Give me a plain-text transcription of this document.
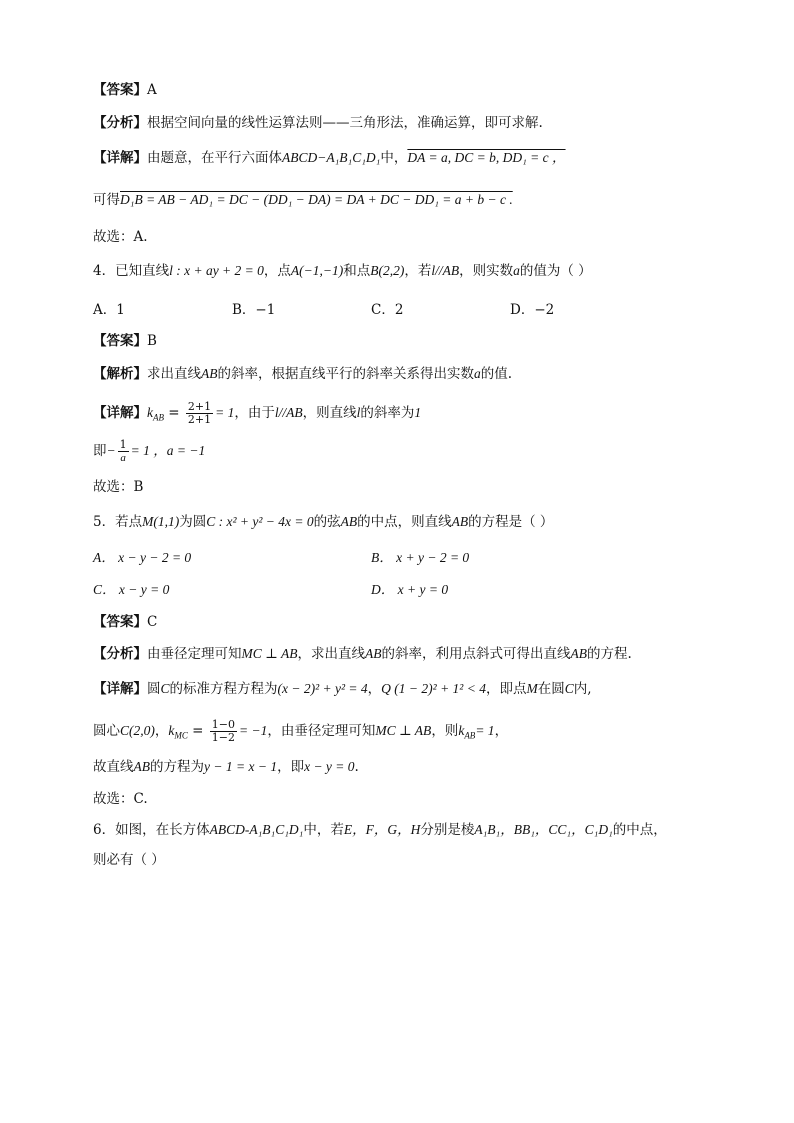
【答案】A
【分析】根据空间向量的线性运算法则——三角形法，准确运算，即可求解.
【详解】由题意，在平行六面体ABCD−A₁B₁C₁D₁中，DA = a, DC = b, DD₁ = c ，
可得D₁B = AB − AD₁ = DC − (DD₁ − DA) = DA + DC − DD₁ = a + b − c .
故选：A.
4．已知直线l : x + ay + 2 = 0，点A(−1,−1)和点B(2,2)，若l//AB，则实数a的值为（ ）
A．1	B．−1	C．2	D．−2
【答案】B
【解析】求出直线AB的斜率，根据直线平行的斜率关系得出实数a的值.
【详解】$k_{AB} = \frac{2+1}{2+1} = 1$，由于l//AB，则直线l的斜率为1
即− $\frac{1}{a} = 1$ ，a = −1
故选：B
5．若点M(1,1)为圆C : x² + y² − 4x = 0的弦AB的中点，则直线AB的方程是（ ）
A． x − y − 2 = 0	B． x + y − 2 = 0
C． x − y = 0	D． x + y = 0
【答案】C
【分析】由垂径定理可知MC ⊥ AB，求出直线AB的斜率，利用点斜式可得出直线AB的方程.
【详解】圆C的标准方程方程为(x − 2)² + y² = 4，Q (1 − 2)² + 1² < 4，即点M在圆C内,
圆心C(2,0)，$k_{MC} = \frac{1-0}{1-2} = -1$，由垂径定理可知MC ⊥ AB，则$k_{AB}= 1$，
故直线AB的方程为y − 1 = x − 1，即x − y = 0.
故选：C.
6．如图，在长方体ABCD-A₁B₁C₁D₁中，若E，F，G，H分别是棱A₁B₁，BB₁，CC₁，C₁D₁的中点，
则必有（ ）
